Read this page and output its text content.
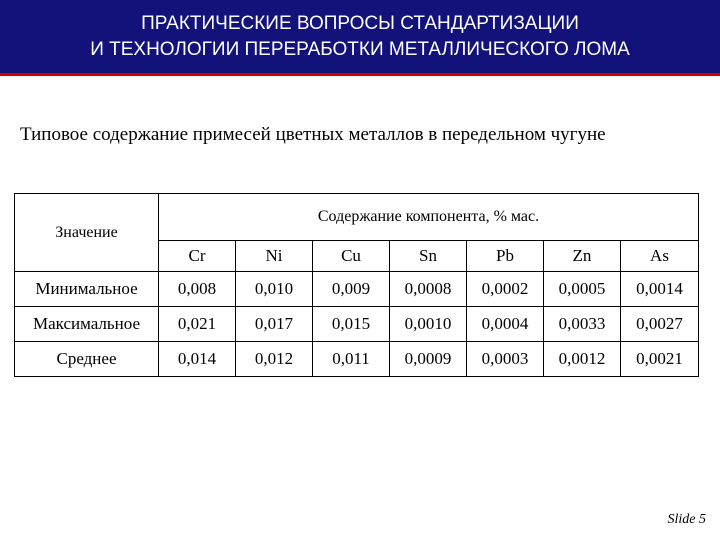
ПРАКТИЧЕСКИЕ ВОПРОСЫ СТАНДАРТИЗАЦИИ
И ТЕХНОЛОГИИ ПЕРЕРАБОТКИ МЕТАЛЛИЧЕСКОГО ЛОМА
Типовое содержание примесей цветных металлов в передельном чугуне
Значение	Содержание компонента, % мас.						
	Cr	Ni	Cu	Sn	Pb	Zn	As
Минимальное	0,008	0,010	0,009	0,0008	0,0002	0,0005	0,0014
Максимальное	0,021	0,017	0,015	0,0010	0,0004	0,0033	0,0027
Среднее	0,014	0,012	0,011	0,0009	0,0003	0,0012	0,0021
Slide 5
